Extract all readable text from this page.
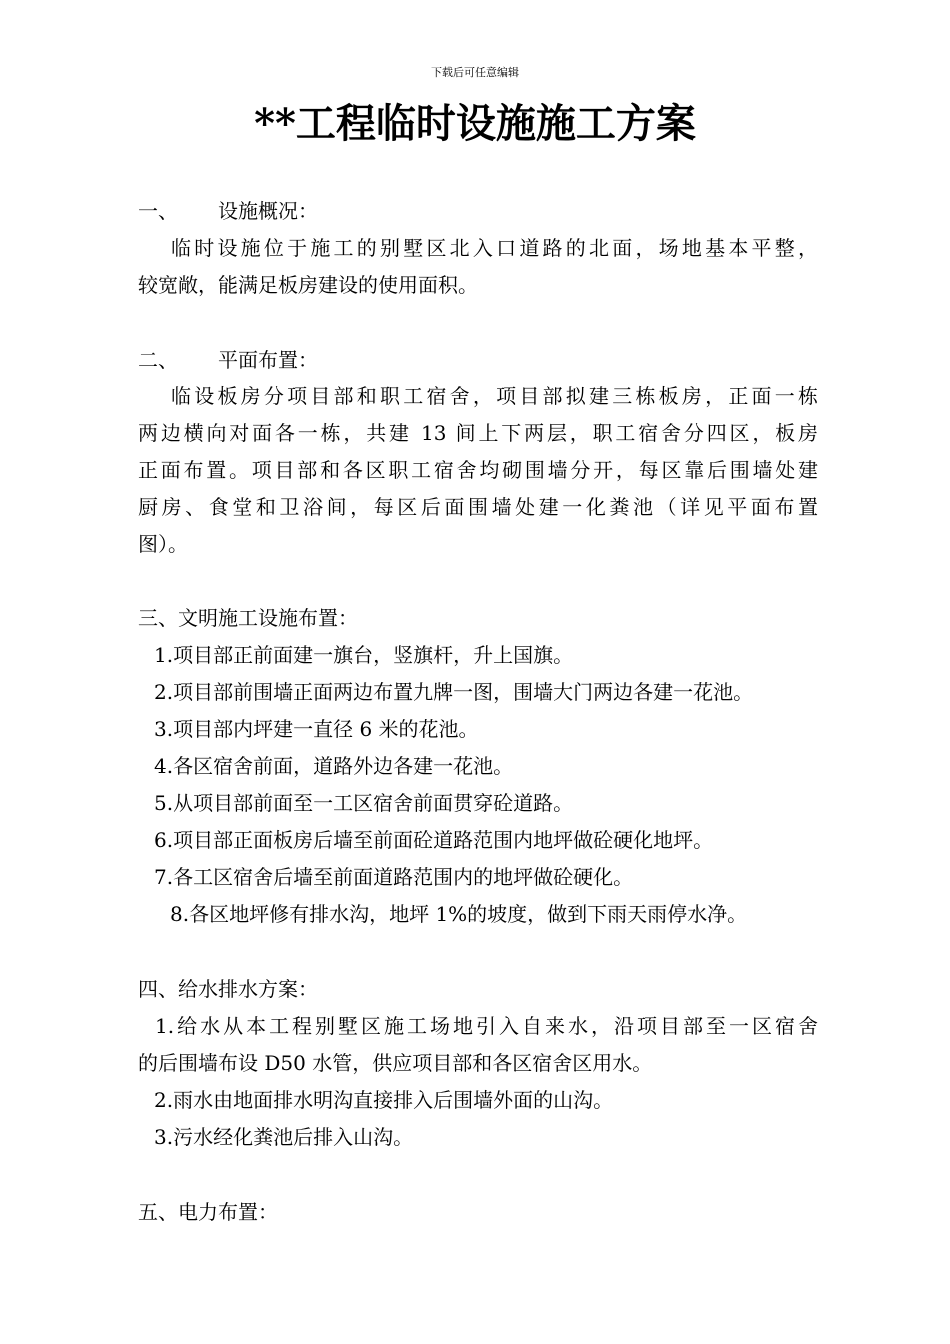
下载后可任意编辑
**工程临时设施施工方案

一、 设施概况：

临时设施位于施工的别墅区北入口道路的北面，场地基本平整，

较宽敞，能满足板房建设的使用面积。

二、 平面布置：

临设板房分项目部和职工宿舍，项目部拟建三栋板房，正面一栋

两边横向对面各一栋，共建 13 间上下两层，职工宿舍分四区，板房

正面布置。项目部和各区职工宿舍均砌围墙分开，每区靠后围墙处建

厨房、食堂和卫浴间，每区后面围墙处建一化粪池（详见平面布置

图）。

三、文明施工设施布置：

1.项目部正前面建一旗台，竖旗杆，升上国旗。

2.项目部前围墙正面两边布置九牌一图，围墙大门两边各建一花池。

3.项目部内坪建一直径 6 米的花池。

4.各区宿舍前面，道路外边各建一花池。

5.从项目部前面至一工区宿舍前面贯穿砼道路。

6.项目部正面板房后墙至前面砼道路范围内地坪做砼硬化地坪。

7.各工区宿舍后墙至前面道路范围内的地坪做砼硬化。

8.各区地坪修有排水沟，地坪 1%的坡度，做到下雨天雨停水净。

四、给水排水方案：

1.给水从本工程别墅区施工场地引入自来水，沿项目部至一区宿舍

的后围墙布设 D50 水管，供应项目部和各区宿舍区用水。

2.雨水由地面排水明沟直接排入后围墙外面的山沟。

3.污水经化粪池后排入山沟。

五、电力布置：
